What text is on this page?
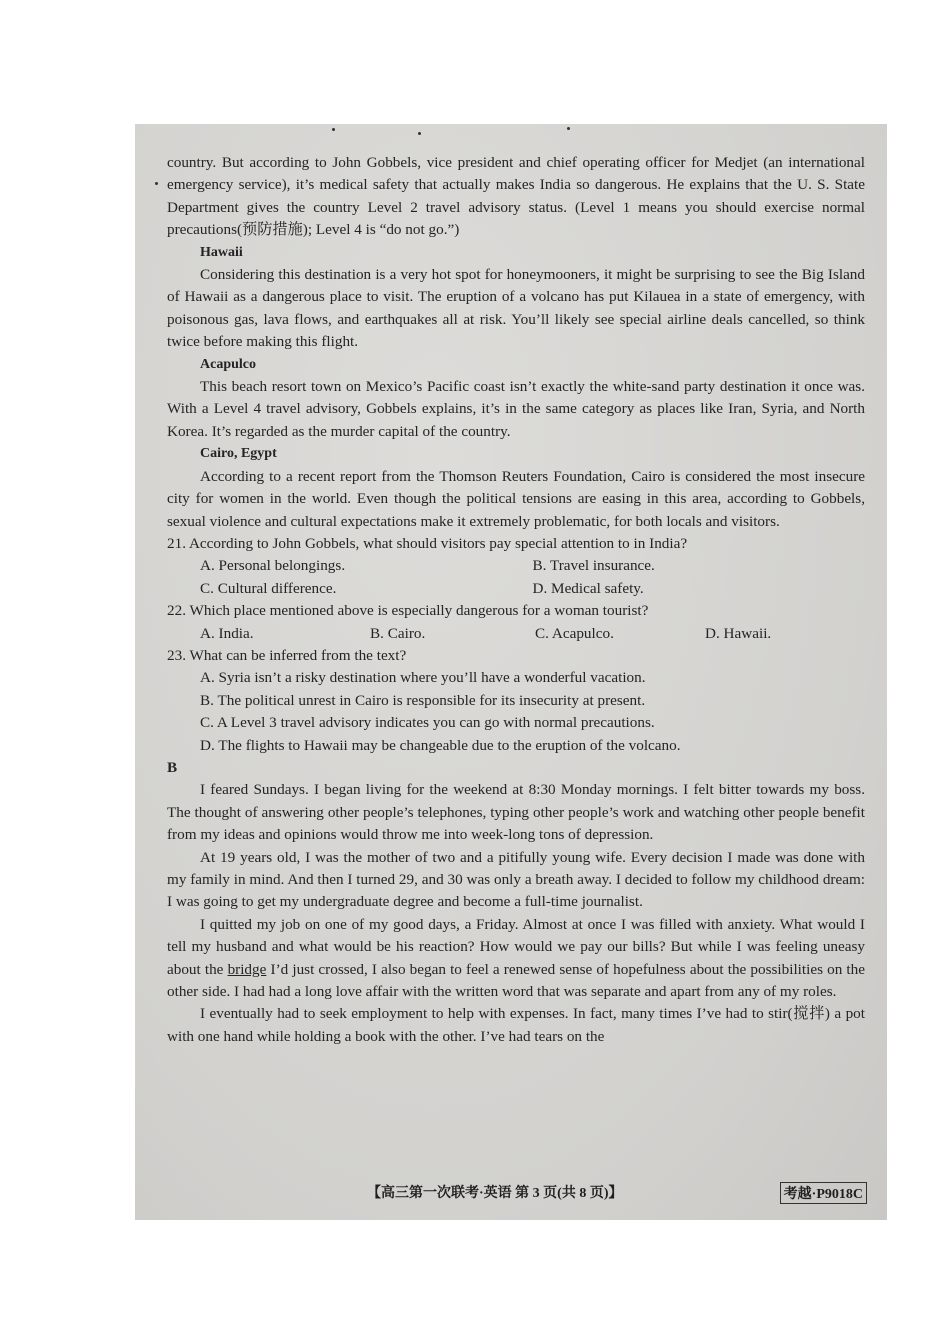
country. But according to John Gobbels, vice president and chief operating officer for Medjet (an international emergency service), it’s medical safety that actually makes India so dangerous. He explains that the U. S. State Department gives the country Level 2 travel advisory status. (Level 1 means you should exercise normal precautions(预防措施); Level 4 is “do not go.”)

Hawaii

Considering this destination is a very hot spot for honeymooners, it might be surprising to see the Big Island of Hawaii as a dangerous place to visit. The eruption of a volcano has put Kilauea in a state of emergency, with poisonous gas, lava flows, and earthquakes all at risk. You’ll likely see special airline deals cancelled, so think twice before making this flight.

Acapulco

This beach resort town on Mexico’s Pacific coast isn’t exactly the white-sand party destination it once was. With a Level 4 travel advisory, Gobbels explains, it’s in the same category as places like Iran, Syria, and North Korea. It’s regarded as the murder capital of the country.

Cairo, Egypt

According to a recent report from the Thomson Reuters Foundation, Cairo is considered the most insecure city for women in the world. Even though the political tensions are easing in this area, according to Gobbels, sexual violence and cultural expectations make it extremely problematic, for both locals and visitors.

21. According to John Gobbels, what should visitors pay special attention to in India?

A. Personal belongings.	B. Travel insurance.
C. Cultural difference.	D. Medical safety.

22. Which place mentioned above is especially dangerous for a woman tourist?

A. India.	B. Cairo.	C. Acapulco.	D. Hawaii.

23. What can be inferred from the text?

A. Syria isn’t a risky destination where you’ll have a wonderful vacation.
B. The political unrest in Cairo is responsible for its insecurity at present.
C. A Level 3 travel advisory indicates you can go with normal precautions.
D. The flights to Hawaii may be changeable due to the eruption of the volcano.

B

I feared Sundays. I began living for the weekend at 8:30 Monday mornings. I felt bitter towards my boss. The thought of answering other people’s telephones, typing other people’s work and watching other people benefit from my ideas and opinions would throw me into week-long tons of depression.

At 19 years old, I was the mother of two and a pitifully young wife. Every decision I made was done with my family in mind. And then I turned 29, and 30 was only a breath away. I decided to follow my childhood dream: I was going to get my undergraduate degree and become a full-time journalist.

I quitted my job on one of my good days, a Friday. Almost at once I was filled with anxiety. What would I tell my husband and what would be his reaction? How would we pay our bills? But while I was feeling uneasy about the bridge I’d just crossed, I also began to feel a renewed sense of hopefulness about the possibilities on the other side. I had had a long love affair with the written word that was separate and apart from any of my roles.

I eventually had to seek employment to help with expenses. In fact, many times I’ve had to stir(搅拌) a pot with one hand while holding a book with the other. I’ve had tears on the

【高三第一次联考·英语 第 3 页(共 8 页)】	考越·P9018C
